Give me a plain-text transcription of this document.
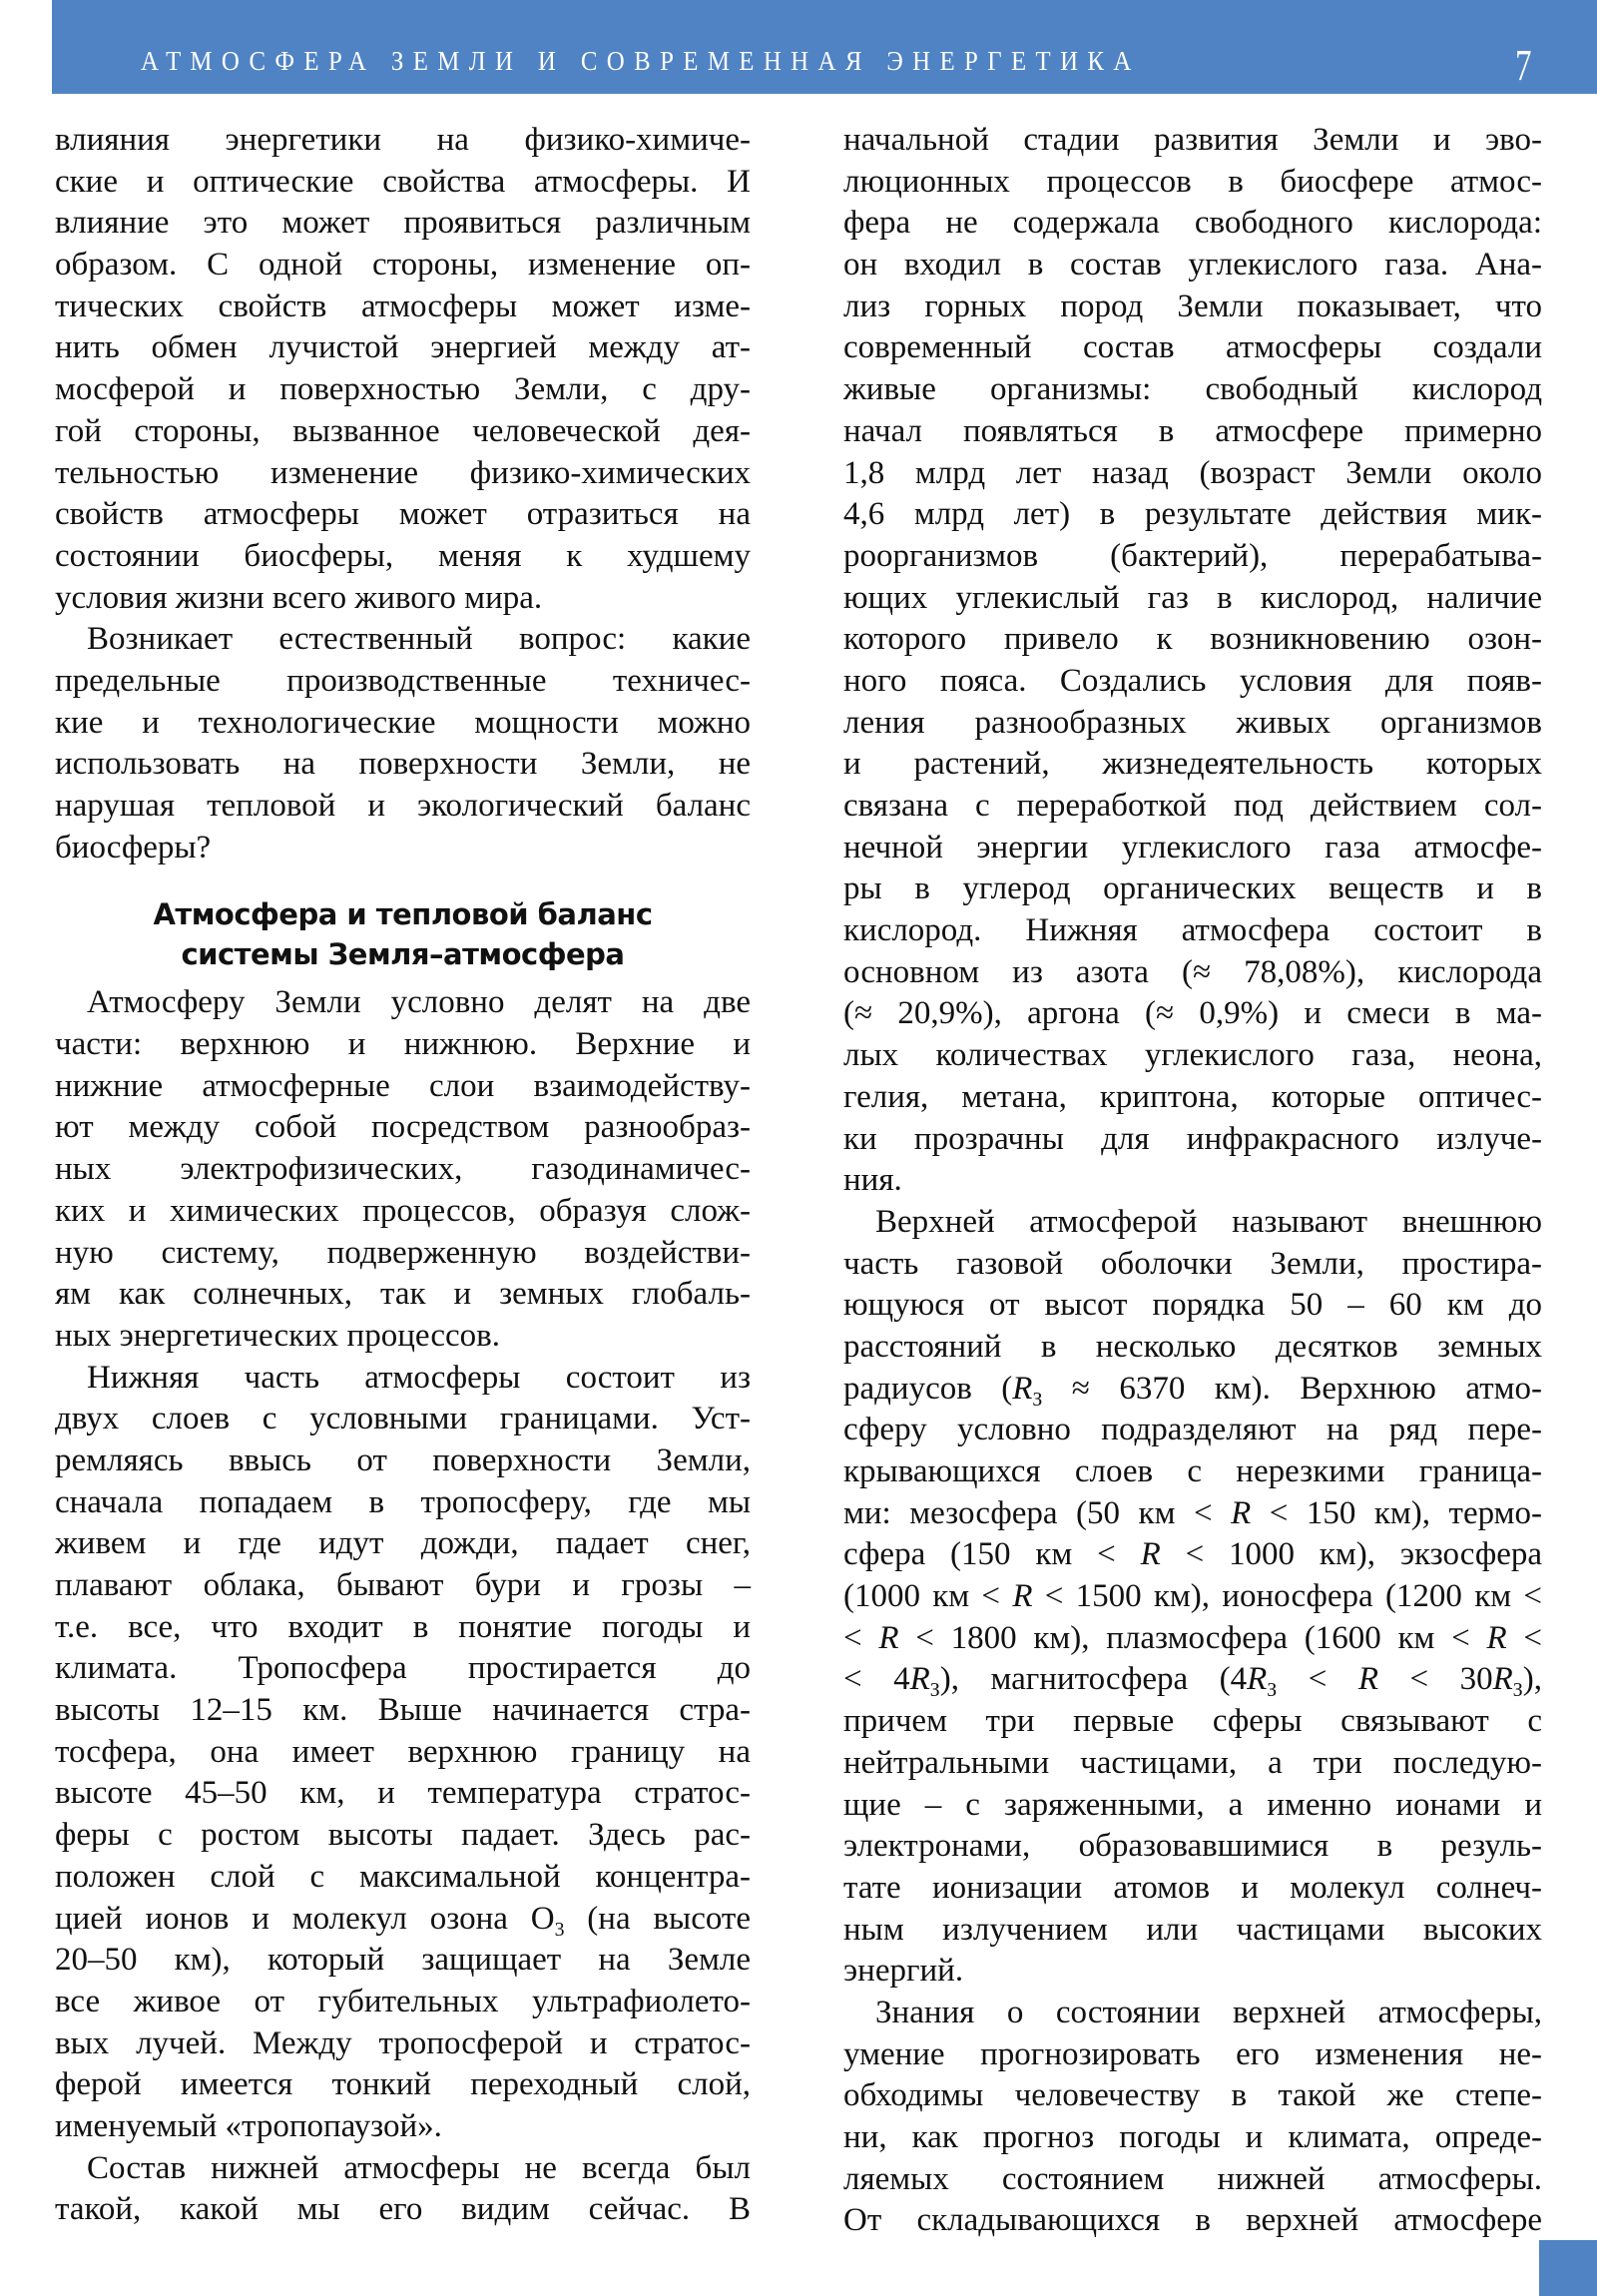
АТМОСФЕРА ЗЕМЛИ И СОВРЕМЕННАЯ ЭНЕРГЕТИКА	7
влияния энергетики на физико-химиче-
ские и оптические свойства атмосферы. И
влияние это может проявиться различным
образом. С одной стороны, изменение оп-
тических свойств атмосферы может изме-
нить обмен лучистой энергией между ат-
мосферой и поверхностью Земли, с дру-
гой стороны, вызванное человеческой дея-
тельностью изменение физико-химических
свойств атмосферы может отразиться на
состоянии биосферы, меняя к худшему
условия жизни всего живого мира.
Возникает естественный вопрос: какие
предельные производственные техничес-
кие и технологические мощности можно
использовать на поверхности Земли, не
нарушая тепловой и экологический баланс
биосферы?
Атмосфера и тепловой баланс
системы Земля–атмосфера
Атмосферу Земли условно делят на две
части: верхнюю и нижнюю. Верхние и
нижние атмосферные слои взаимодейству-
ют между собой посредством разнообраз-
ных электрофизических, газодинамичес-
ких и химических процессов, образуя слож-
ную систему, подверженную воздействи-
ям как солнечных, так и земных глобаль-
ных энергетических процессов.
Нижняя часть атмосферы состоит из
двух слоев с условными границами. Уст-
ремляясь ввысь от поверхности Земли,
сначала попадаем в тропосферу, где мы
живем и где идут дожди, падает снег,
плавают облака, бывают бури и грозы –
т.е. все, что входит в понятие погоды и
климата. Тропосфера простирается до
высоты 12–15 км. Выше начинается стра-
тосфера, она имеет верхнюю границу на
высоте 45–50 км, и температура стратос-
феры с ростом высоты падает. Здесь рас-
положен слой с максимальной концентра-
цией ионов и молекул озона $O_3$ (на высоте
20–50 км), который защищает на Земле
все живое от губительных ультрафиолето-
вых лучей. Между тропосферой и стратос-
ферой имеется тонкий переходный слой,
именуемый «тропопаузой».
Состав нижней атмосферы не всегда был
такой, какой мы его видим сейчас. В
начальной стадии развития Земли и эво-
люционных процессов в биосфере атмос-
фера не содержала свободного кислорода:
он входил в состав углекислого газа. Ана-
лиз горных пород Земли показывает, что
современный состав атмосферы создали
живые организмы: свободный кислород
начал появляться в атмосфере примерно
1,8 млрд лет назад (возраст Земли около
4,6 млрд лет) в результате действия мик-
роорганизмов (бактерий), перерабатыва-
ющих углекислый газ в кислород, наличие
которого привело к возникновению озон-
ного пояса. Создались условия для появ-
ления разнообразных живых организмов
и растений, жизнедеятельность которых
связана с переработкой под действием сол-
нечной энергии углекислого газа атмосфе-
ры в углерод органических веществ и в
кислород. Нижняя атмосфера состоит в
основном из азота (≈ 78,08%), кислорода
(≈ 20,9%), аргона (≈ 0,9%) и смеси в ма-
лых количествах углекислого газа, неона,
гелия, метана, криптона, которые оптичес-
ки прозрачны для инфракрасного излуче-
ния.
Верхней атмосферой называют внешнюю
часть газовой оболочки Земли, простира-
ющуюся от высот порядка 50 – 60 км до
расстояний в несколько десятков земных
радиусов ($R_З \approx 6370$ км). Верхнюю атмо-
сферу условно подразделяют на ряд пере-
крывающихся слоев с нерезкими граница-
ми: мезосфера (50 км < R < 150 км), термо-
сфера (150 км < R < 1000 км), экзосфера
(1000 км < R < 1500 км), ионосфера (1200 км <
< R < 1800 км), плазмосфера (1600 км < R <
< $4R_З$), магнитосфера $(4R_З < R < 30R_З)$,
причем три первые сферы связывают с
нейтральными частицами, а три последую-
щие – с заряженными, а именно ионами и
электронами, образовавшимися в резуль-
тате ионизации атомов и молекул солнеч-
ным излучением или частицами высоких
энергий.
Знания о состоянии верхней атмосферы,
умение прогнозировать его изменения не-
обходимы человечеству в такой же степе-
ни, как прогноз погоды и климата, опреде-
ляемых состоянием нижней атмосферы.
От складывающихся в верхней атмосфере
